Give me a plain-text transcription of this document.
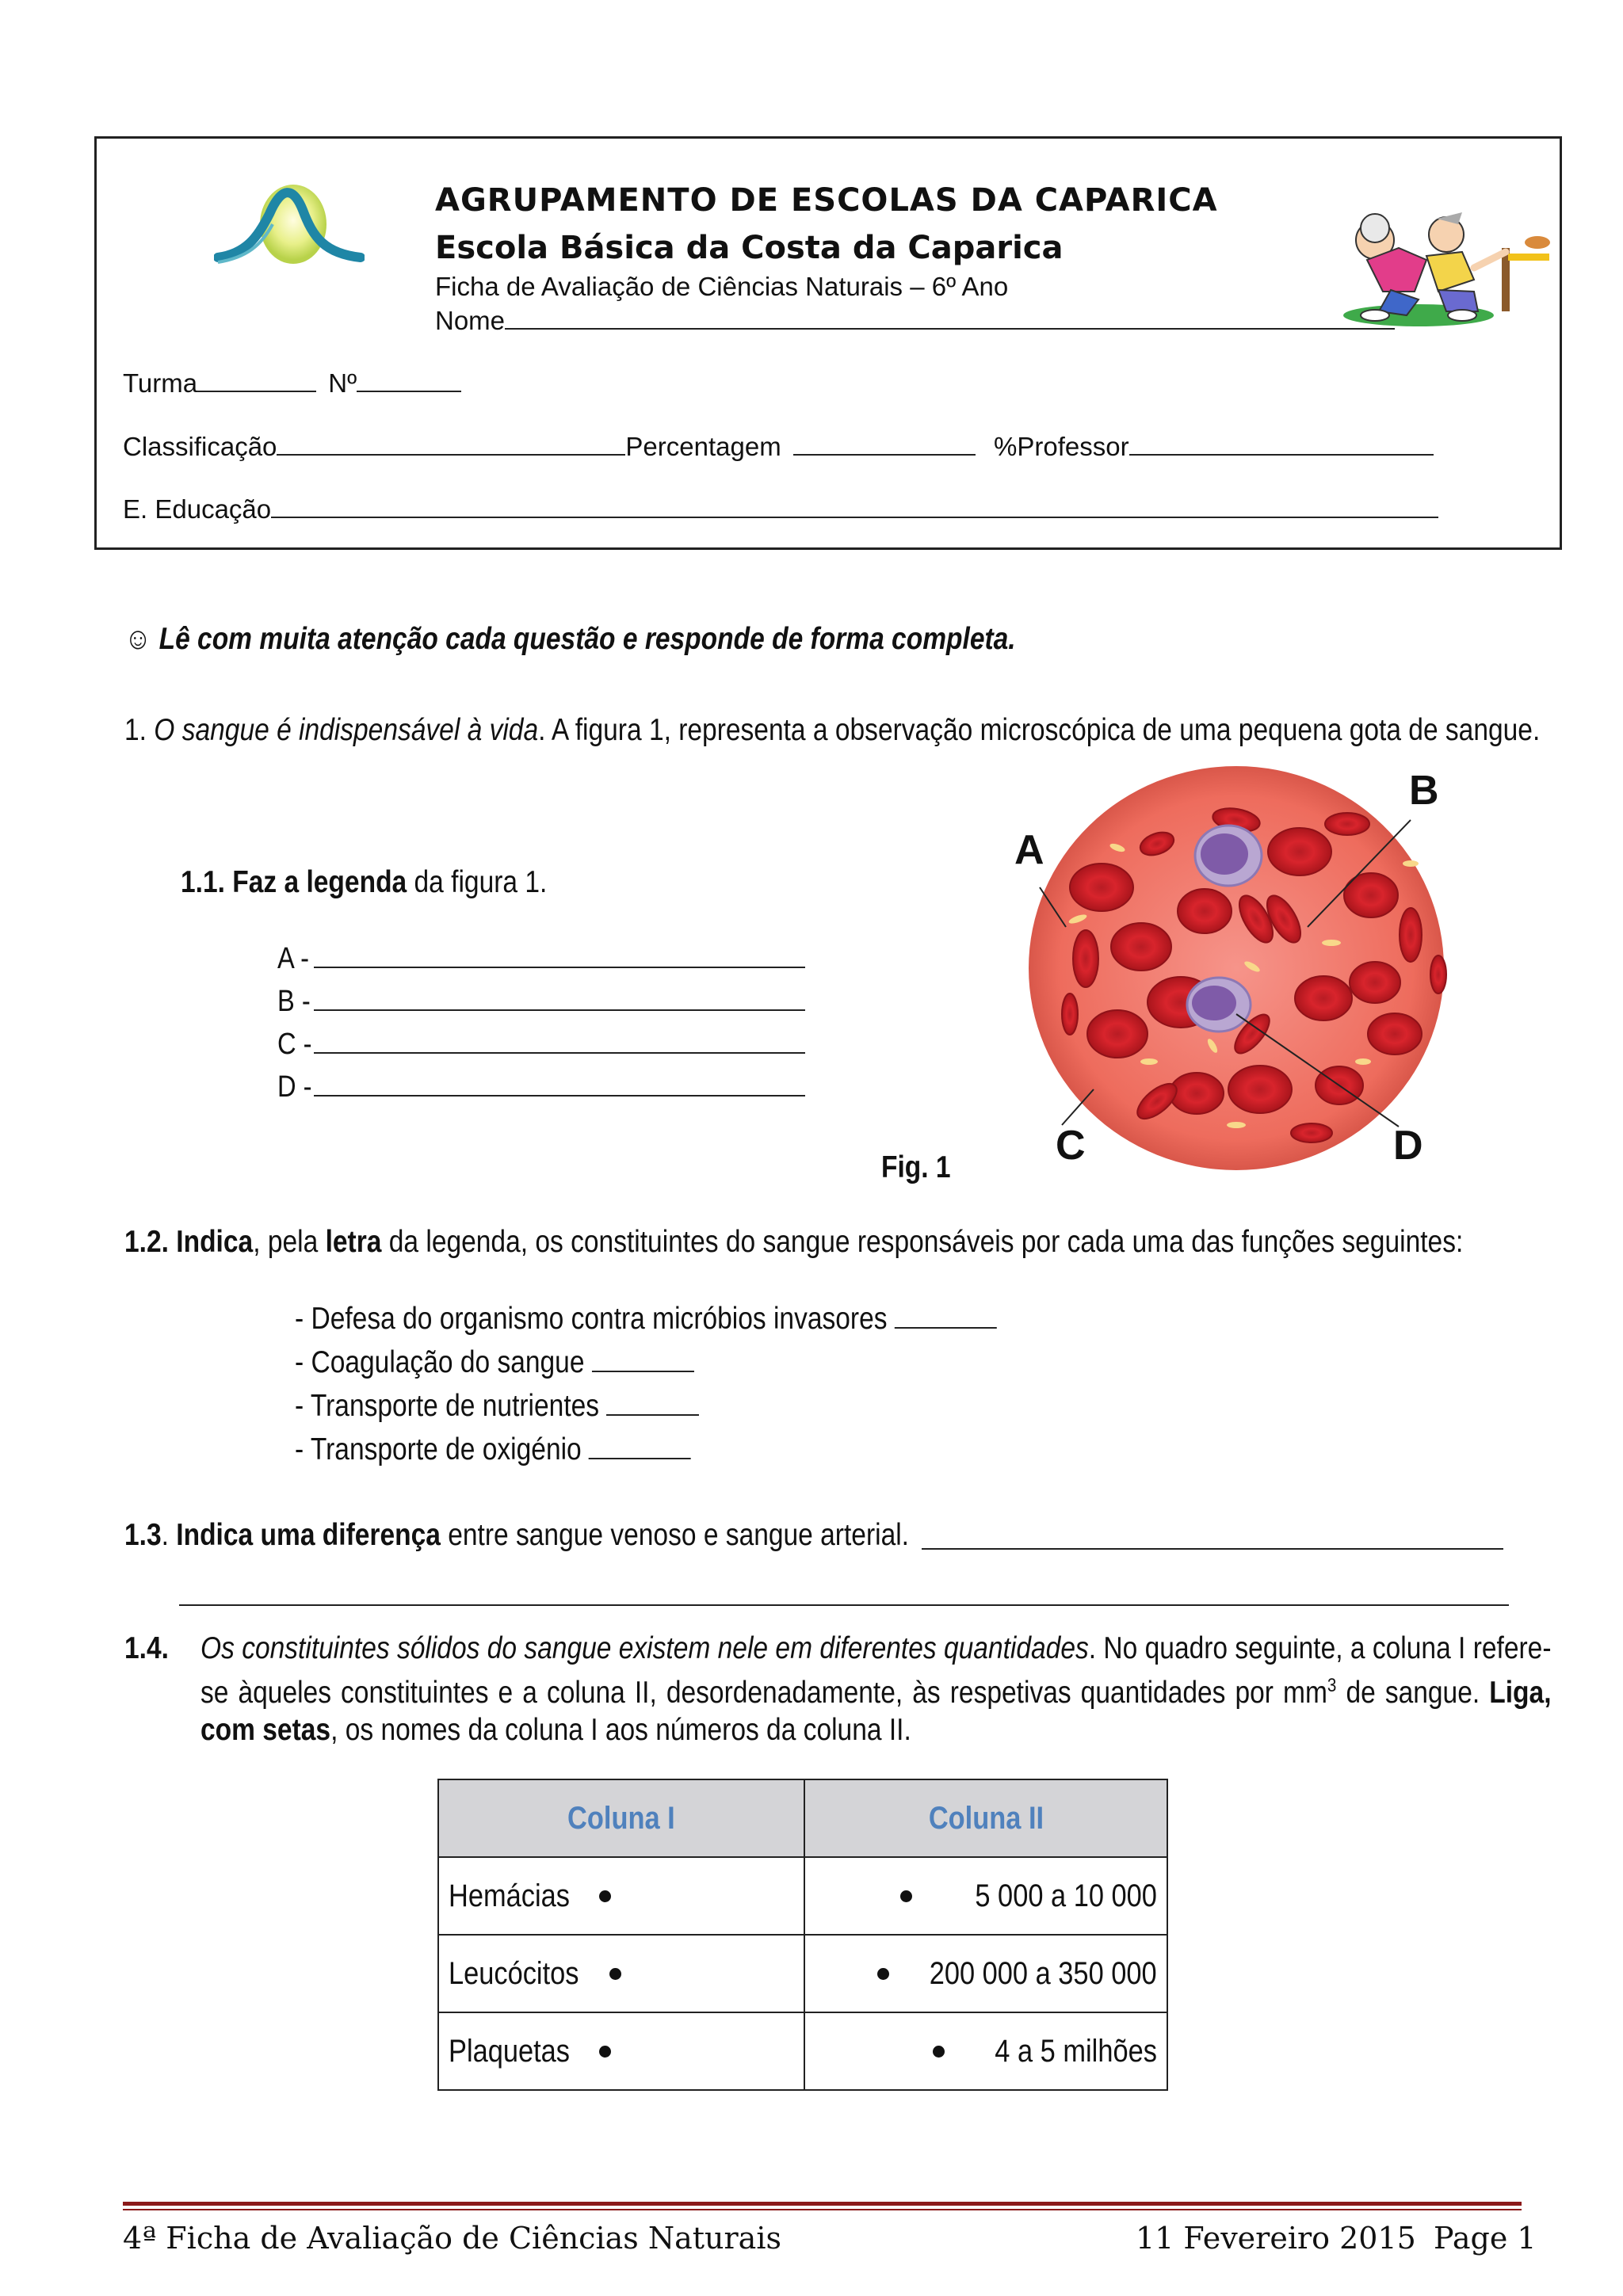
AGRUPAMENTO DE ESCOLAS DA CAPARICA
Escola Básica da Costa da Caparica
Ficha de Avaliação de Ciências Naturais – 6º Ano
Nome
Turma	Nº
Classificação	Percentagem	%Professor
E. Educação
☺ Lê com muita atenção cada questão e responde de forma completa.
1. O sangue é indispensável à vida. A figura 1, representa a observação microscópica de uma pequena gota de sangue.
1.1. Faz a legenda da figura 1.
A -
B -
C -
D -
A
B
C	D
Fig. 1
1.2. Indica, pela letra da legenda, os constituintes do sangue responsáveis por cada uma das funções seguintes:
- Defesa do organismo contra micróbios invasores
- Coagulação do sangue
- Transporte de nutrientes
- Transporte de oxigénio
1.3. Indica uma diferença entre sangue venoso e sangue arterial.
1.4. Os constituintes sólidos do sangue existem nele em diferentes quantidades. No quadro seguinte, a coluna I refere-se àqueles constituintes e a coluna II, desordenadamente, às respetivas quantidades por $mm^3$ de sangue. Liga, com setas, os nomes da coluna I aos números da coluna II.
Coluna I	Coluna II

Hemácias	5 000 a 10 000

Leucócitos	200 000 a 350 000

Plaquetas	4 a 5 milhões
4ª Ficha de Avaliação de Ciências Naturais	11 Fevereiro 2015 Page 1
